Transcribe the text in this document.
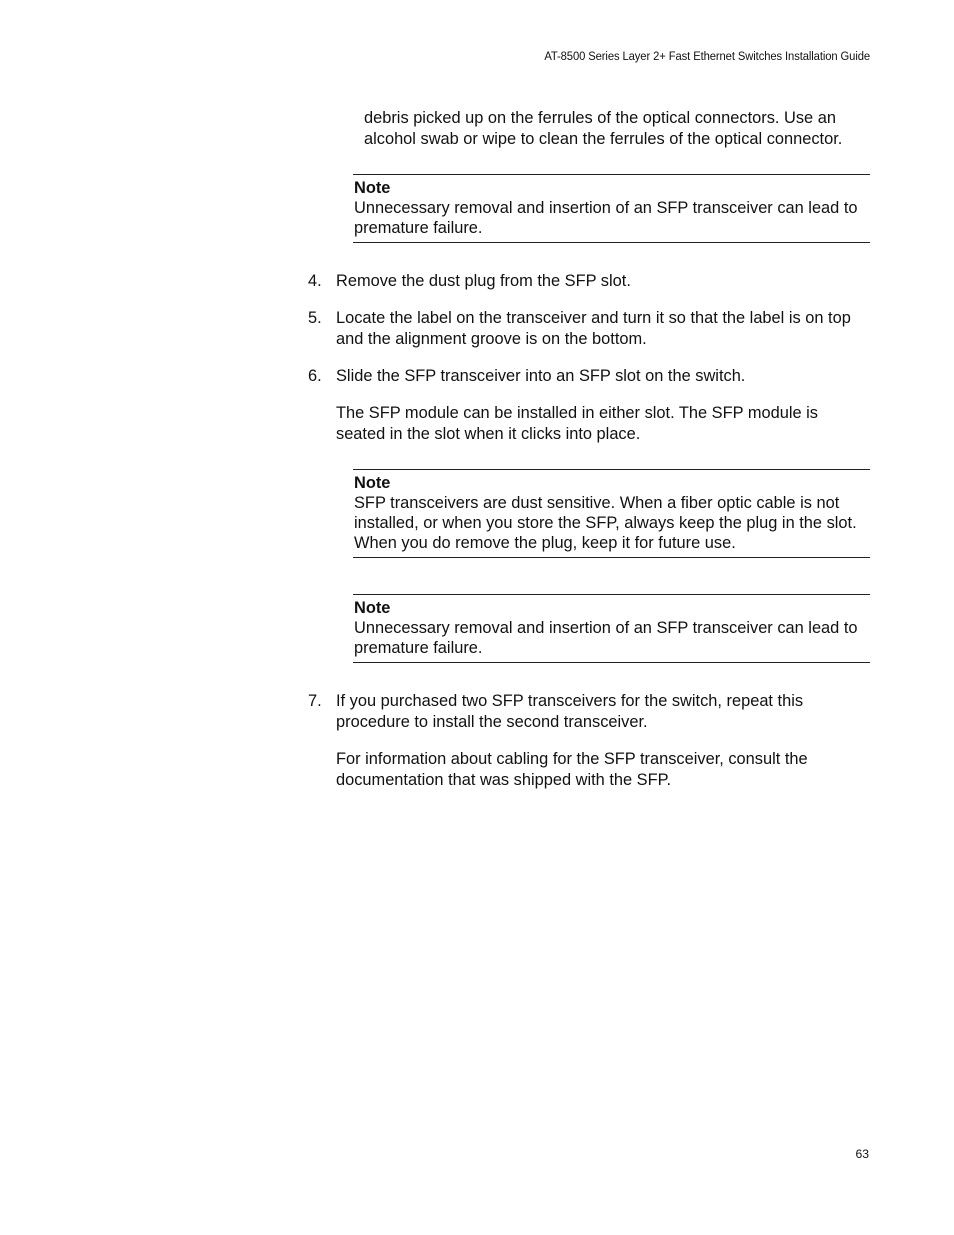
AT-8500 Series Layer 2+ Fast Ethernet Switches Installation Guide
debris picked up on the ferrules of the optical connectors. Use an alcohol swab or wipe to clean the ferrules of the optical connector.
Note
Unnecessary removal and insertion of an SFP transceiver can lead to premature failure.
4. Remove the dust plug from the SFP slot.
5. Locate the label on the transceiver and turn it so that the label is on top and the alignment groove is on the bottom.
6. Slide the SFP transceiver into an SFP slot on the switch.
The SFP module can be installed in either slot. The SFP module is seated in the slot when it clicks into place.
Note
SFP transceivers are dust sensitive. When a fiber optic cable is not installed, or when you store the SFP, always keep the plug in the slot. When you do remove the plug, keep it for future use.
Note
Unnecessary removal and insertion of an SFP transceiver can lead to premature failure.
7. If you purchased two SFP transceivers for the switch, repeat this procedure to install the second transceiver.
For information about cabling for the SFP transceiver, consult the documentation that was shipped with the SFP.
63
